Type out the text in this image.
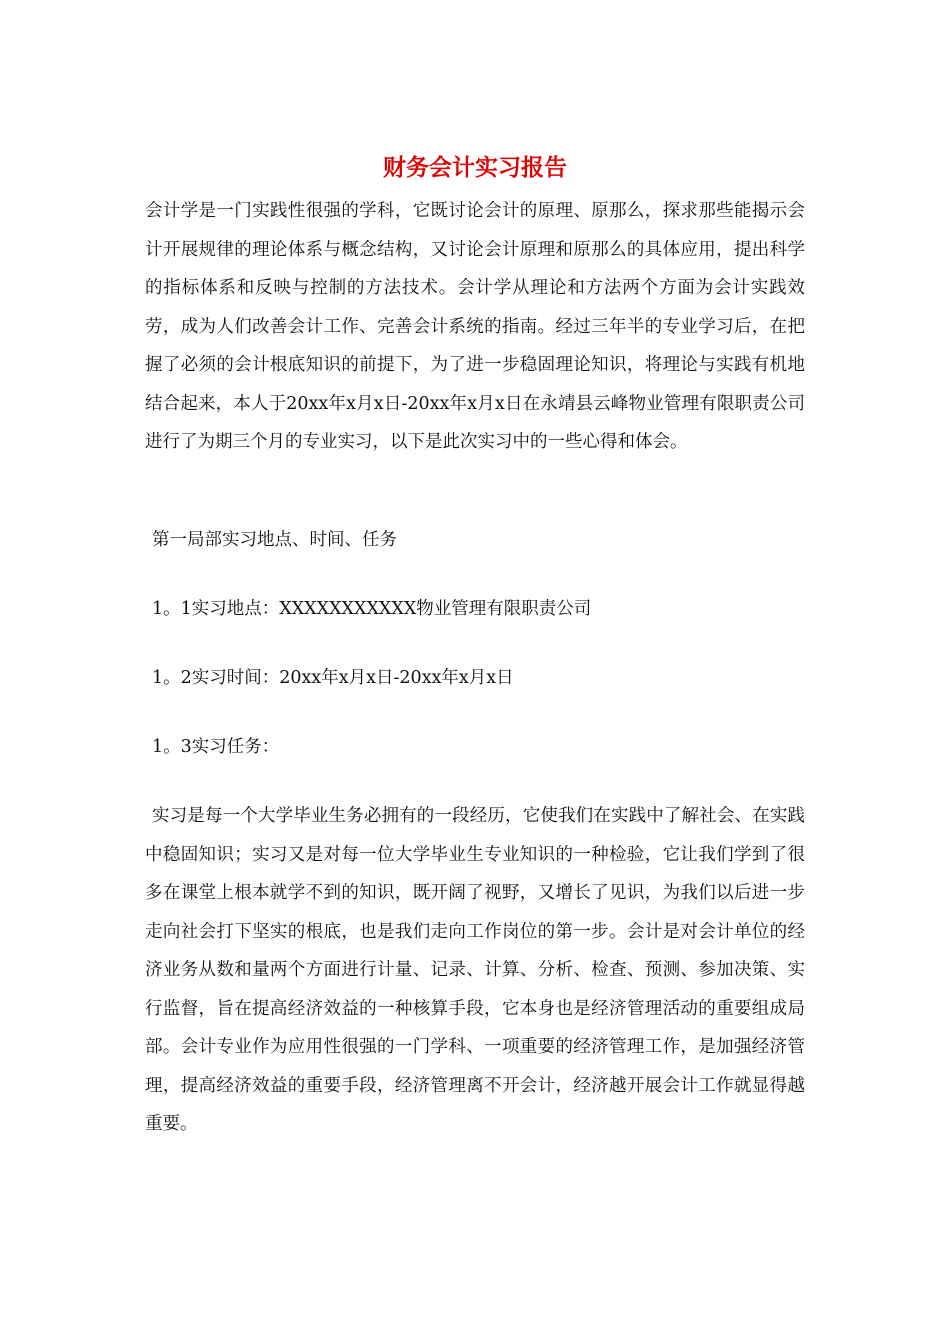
财务会计实习报告

会计学是一门实践性很强的学科，它既讨论会计的原理、原那么，探求那些能揭示会计开展规律的理论体系与概念结构，又讨论会计原理和原那么的具体应用，提出科学的指标体系和反映与控制的方法技术。会计学从理论和方法两个方面为会计实践效劳，成为人们改善会计工作、完善会计系统的指南。经过三年半的专业学习后，在把握了必须的会计根底知识的前提下，为了进一步稳固理论知识，将理论与实践有机地结合起来，本人于20xx年x月x日-20xx年x月x日在永靖县云峰物业管理有限职责公司进行了为期三个月的专业实习，以下是此次实习中的一些心得和体会。

第一局部实习地点、时间、任务

1。1实习地点：XXXXXXXXXXX物业管理有限职责公司

1。2实习时间：20xx年x月x日-20xx年x月x日

1。3实习任务：

实习是每一个大学毕业生务必拥有的一段经历，它使我们在实践中了解社会、在实践中稳固知识；实习又是对每一位大学毕业生专业知识的一种检验，它让我们学到了很多在课堂上根本就学不到的知识，既开阔了视野，又增长了见识，为我们以后进一步走向社会打下坚实的根底，也是我们走向工作岗位的第一步。会计是对会计单位的经济业务从数和量两个方面进行计量、记录、计算、分析、检查、预测、参加决策、实行监督，旨在提高经济效益的一种核算手段，它本身也是经济管理活动的重要组成局部。会计专业作为应用性很强的一门学科、一项重要的经济管理工作，是加强经济管理，提高经济效益的重要手段，经济管理离不开会计，经济越开展会计工作就显得越重要。
